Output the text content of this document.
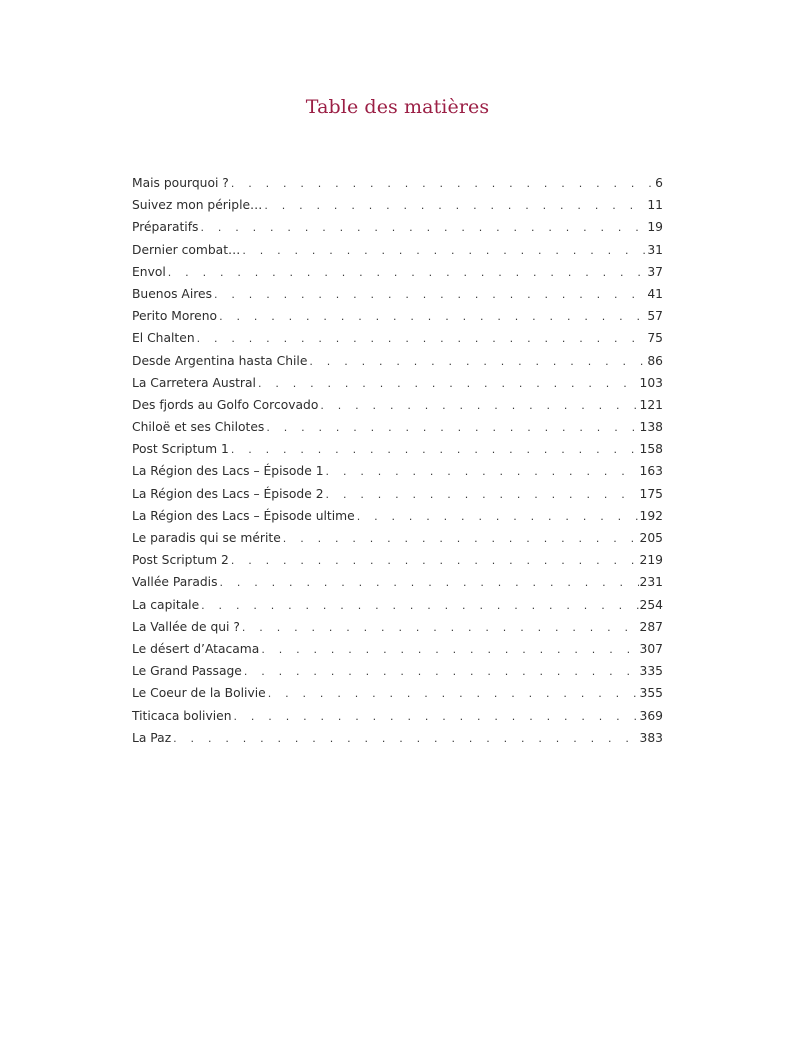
Table des matières
Mais pourquoi ? . . .	6
Suivez mon périple… . . .	11
Préparatifs . . .	19
Dernier combat… . . .	31
Envol . . .	37
Buenos Aires . . .	41
Perito Moreno . . .	57
El Chalten . . .	75
Desde Argentina hasta Chile . . .	86
La Carretera Austral . . .	103
Des fjords au Golfo Corcovado . . .	121
Chiloë et ses Chilotes . . .	138
Post Scriptum 1 . . .	158
La Région des Lacs – Épisode 1 . . .	163
La Région des Lacs – Épisode 2 . . .	175
La Région des Lacs – Épisode ultime . . .	192
Le paradis qui se mérite . . .	205
Post Scriptum 2 . . .	219
Vallée Paradis . . .	231
La capitale . . .	254
La Vallée de qui ? . . .	287
Le désert d’Atacama . . .	307
Le Grand Passage . . .	335
Le Coeur de la Bolivie . . .	355
Titicaca bolivien . . .	369
La Paz . . .	383
